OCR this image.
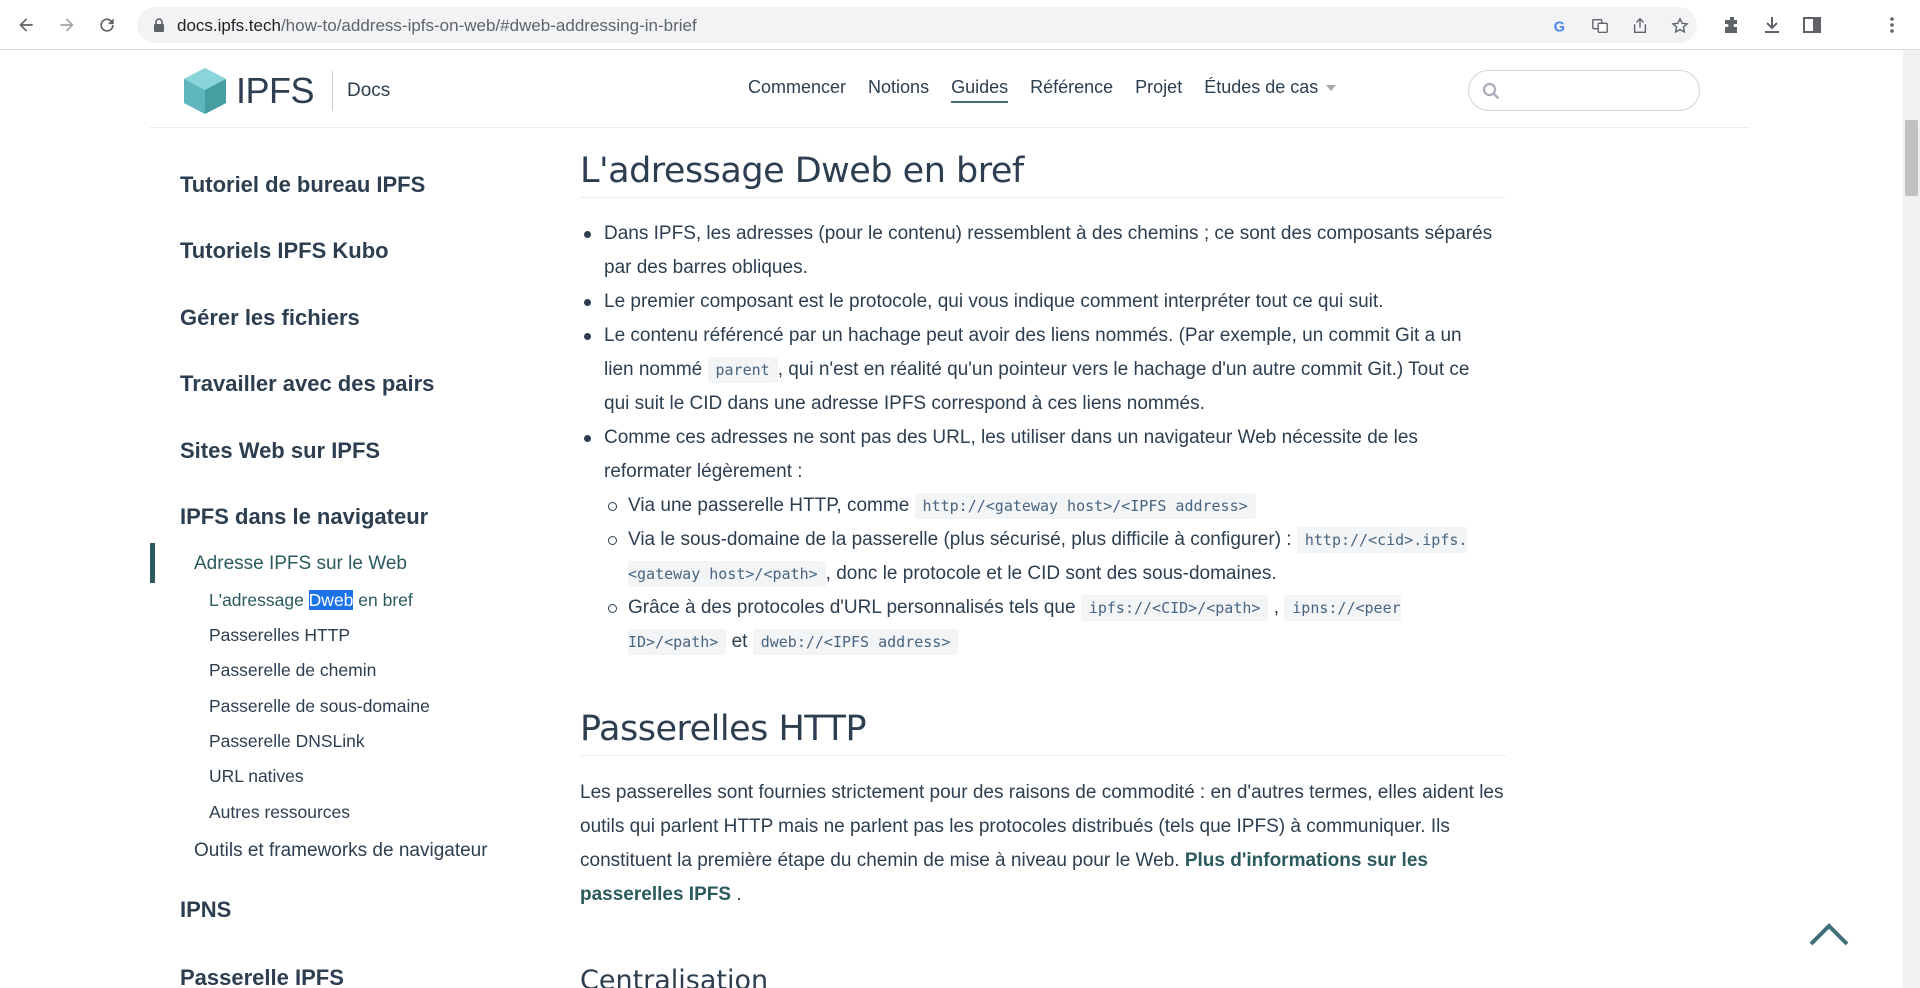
docs.ipfs.tech/how-to/address-ipfs-on-web/#dweb-addressing-in-brief	G
IPFS Docs	Commencer Notions Guides Référence Projet Études de cas
Tutoriel de bureau IPFS
Tutoriels IPFS Kubo
Gérer les fichiers
Travailler avec des pairs
Sites Web sur IPFS
IPFS dans le navigateur
Adresse IPFS sur le Web
L'adressage Dweb en bref
Passerelles HTTP
Passerelle de chemin
Passerelle de sous-domaine
Passerelle DNSLink
URL natives
Autres ressources
Outils et frameworks de navigateur
IPNS
Passerelle IPFS
L'adressage Dweb en bref
Dans IPFS, les adresses (pour le contenu) ressemblent à des chemins ; ce sont des composants séparés par des barres obliques.
Le premier composant est le protocole, qui vous indique comment interpréter tout ce qui suit.
Le contenu référencé par un hachage peut avoir des liens nommés. (Par exemple, un commit Git a un lien nommé parent , qui n'est en réalité qu'un pointeur vers le hachage d'un autre commit Git.) Tout ce qui suit le CID dans une adresse IPFS correspond à ces liens nommés.
Comme ces adresses ne sont pas des URL, les utiliser dans un navigateur Web nécessite de les reformater légèrement :
Via une passerelle HTTP, comme http://<gateway host>/<IPFS address>
Via le sous-domaine de la passerelle (plus sécurisé, plus difficile à configurer) : http://<cid>.ipfs.<gateway host>/<path> , donc le protocole et le CID sont des sous-domaines.
Grâce à des protocoles d'URL personnalisés tels que ipfs://<CID>/<path> , ipns://<peer ID>/<path> et dweb://<IPFS address>
Passerelles HTTP

Les passerelles sont fournies strictement pour des raisons de commodité : en d'autres termes, elles aident les outils qui parlent HTTP mais ne parlent pas les protocoles distribués (tels que IPFS) à communiquer. Ils constituent la première étape du chemin de mise à niveau pour le Web. Plus d'informations sur les passerelles IPFS .

Centralisation
